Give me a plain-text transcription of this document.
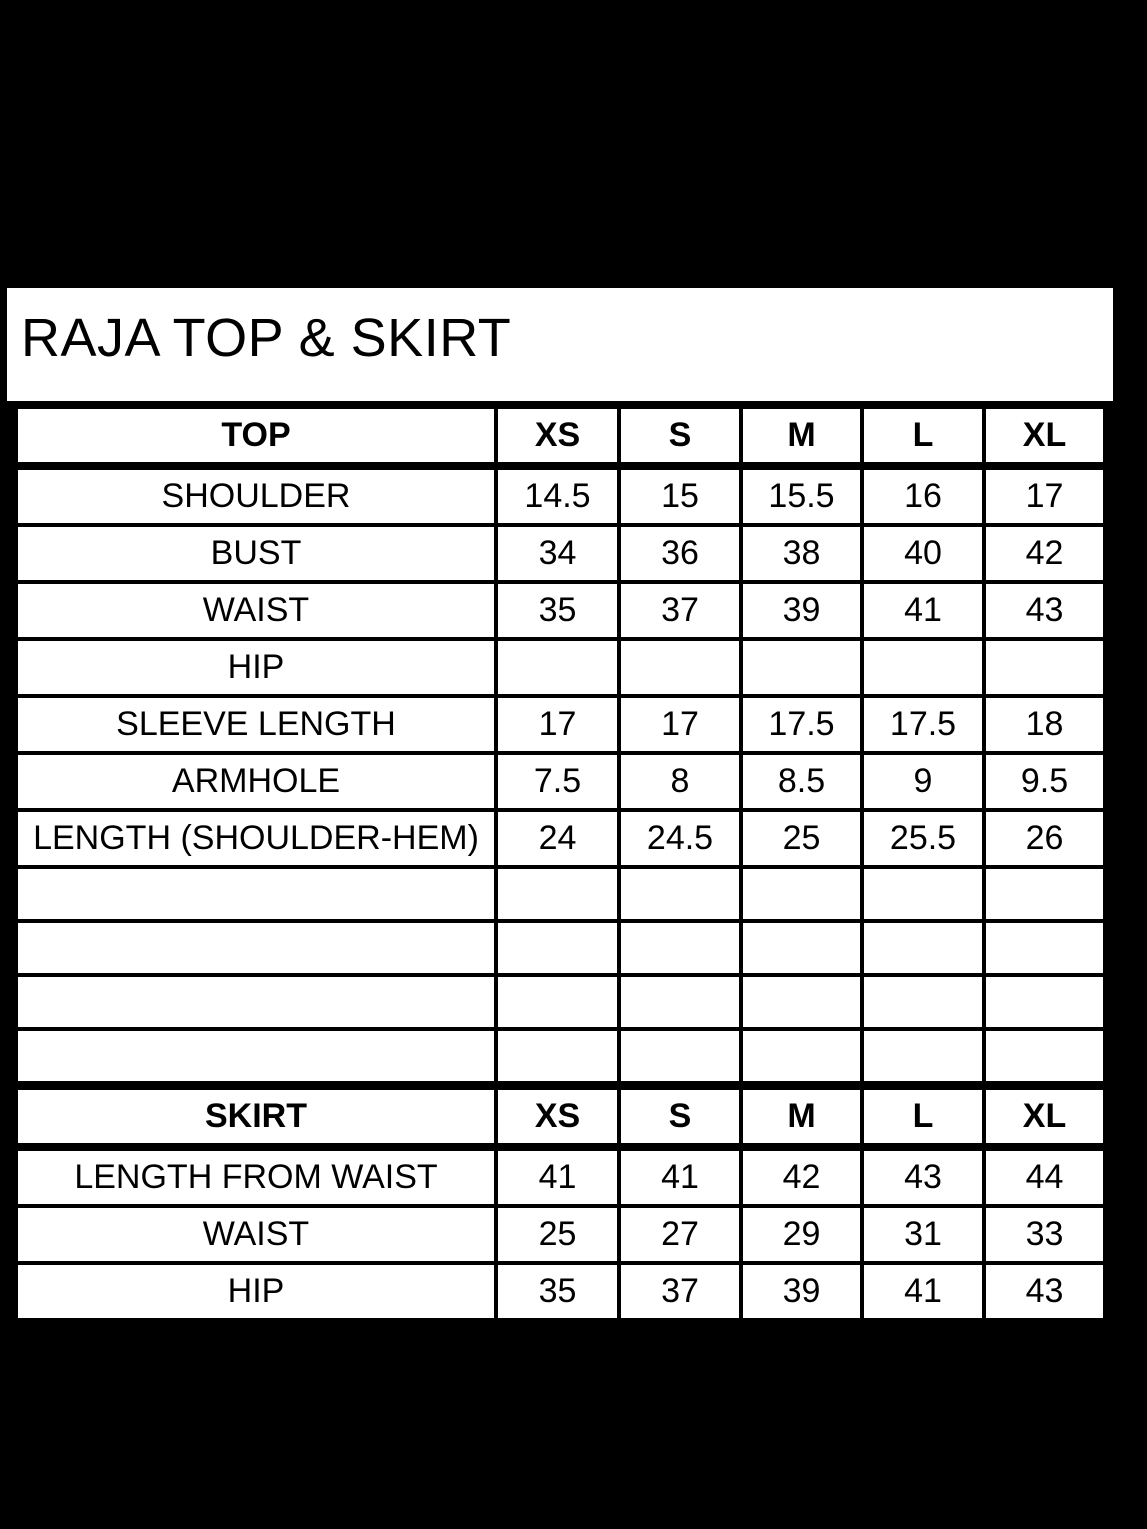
RAJA TOP & SKIRT
TOP	XS	S	M	L	XL
SHOULDER	14.5	15	15.5	16	17
BUST	34	36	38	40	42
WAIST	35	37	39	41	43
HIP					
SLEEVE LENGTH	17	17	17.5	17.5	18
ARMHOLE	7.5	8	8.5	9	9.5
LENGTH (SHOULDER-HEM)	24	24.5	25	25.5	26

SKIRT	XS	S	M	L	XL
LENGTH FROM WAIST	41	41	42	43	44
WAIST	25	27	29	31	33
HIP	35	37	39	41	43
